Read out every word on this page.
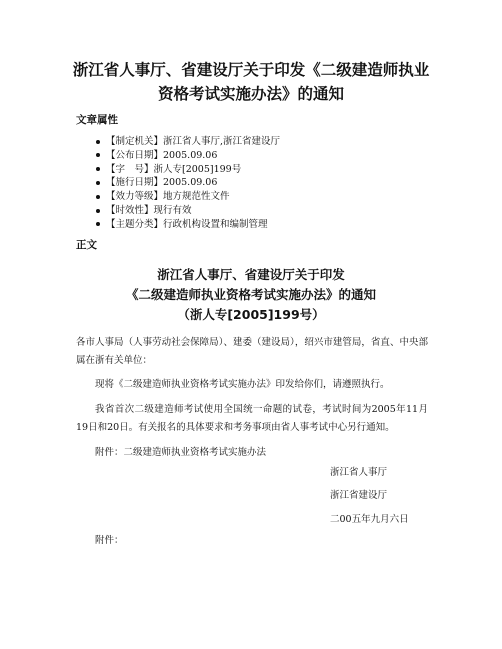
浙江省人事厅、省建设厅关于印发《二级建造师执业
资格考试实施办法》的通知
文章属性
【制定机关】浙江省人事厅,浙江省建设厅
【公布日期】2005.09.06
【字　号】浙人专[2005]199号
【施行日期】2005.09.06
【效力等级】地方规范性文件
【时效性】现行有效
【主题分类】行政机构设置和编制管理
正文
浙江省人事厅、省建设厅关于印发
《二级建造师执业资格考试实施办法》的通知
（浙人专[2005]199号）

各市人事局（人事劳动社会保障局）、建委（建设局），绍兴市建管局，省直、中央部属在浙有关单位：

现将《二级建造师执业资格考试实施办法》印发给你们，请遵照执行。

我省首次二级建造师考试使用全国统一命题的试卷，考试时间为2005年11月19日和20日。有关报名的具体要求和考务事项由省人事考试中心另行通知。

附件：二级建造师执业资格考试实施办法

浙江省人事厅

浙江省建设厅

二00五年九月六日

附件：
